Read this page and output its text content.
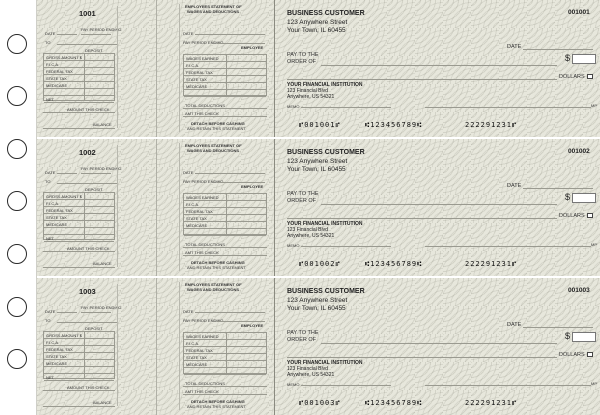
1001
DATE
PAY PERIOD ENDING
TO
DEPOSIT
GROSS AMOUNT $
F.I.C.A.
FEDERAL TAX
STATE TAX
MEDICARE
NET
AMOUNT THIS CHECK
BALANCE
EMPLOYEES STATEMENT OF
WAGES AND DEDUCTIONS
DATE
PAY PERIOD ENDING
EMPLOYEE
WAGES EARNED
F.I.C.A.
FEDERAL TAX
STATE TAX
MEDICARE
TOTAL DEDUCTIONS
AMT THIS CHECK
DETACH BEFORE CASHING
AND RETAIN THIS STATEMENT
BUSINESS CUSTOMER
123 Anywhere Street
Your Town, IL 60455
001001
DATE
PAY TO THE
ORDER OF	$
DOLLARS
YOUR FINANCIAL INSTITUTION
123 Financial Blvd
Anywhere, US 54321
MEMO	MP
⑈001001⑈	⑆123456789⑆	222291231⑈
1002
DATE
PAY PERIOD ENDING
TO
DEPOSIT
GROSS AMOUNT $
F.I.C.A.
FEDERAL TAX
STATE TAX
MEDICARE
NET
AMOUNT THIS CHECK
BALANCE
EMPLOYEES STATEMENT OF
WAGES AND DEDUCTIONS
DATE
PAY PERIOD ENDING
EMPLOYEE
WAGES EARNED
F.I.C.A.
FEDERAL TAX
STATE TAX
MEDICARE
TOTAL DEDUCTIONS
AMT THIS CHECK
DETACH BEFORE CASHING
AND RETAIN THIS STATEMENT
BUSINESS CUSTOMER
123 Anywhere Street
Your Town, IL 60455
001002
DATE
PAY TO THE
ORDER OF	$
DOLLARS
YOUR FINANCIAL INSTITUTION
123 Financial Blvd
Anywhere, US 54321
MEMO	MP
⑈001002⑈	⑆123456789⑆	222291231⑈
1003
DATE
PAY PERIOD ENDING
TO
DEPOSIT
GROSS AMOUNT $
F.I.C.A.
FEDERAL TAX
STATE TAX
MEDICARE
NET
AMOUNT THIS CHECK
BALANCE
EMPLOYEES STATEMENT OF
WAGES AND DEDUCTIONS
DATE
PAY PERIOD ENDING
EMPLOYEE
WAGES EARNED
F.I.C.A.
FEDERAL TAX
STATE TAX
MEDICARE
TOTAL DEDUCTIONS
AMT THIS CHECK
DETACH BEFORE CASHING
AND RETAIN THIS STATEMENT
BUSINESS CUSTOMER
123 Anywhere Street
Your Town, IL 60455
001003
DATE
PAY TO THE
ORDER OF	$
DOLLARS
YOUR FINANCIAL INSTITUTION
123 Financial Blvd
Anywhere, US 54321
MEMO	MP
⑈001003⑈	⑆123456789⑆	222291231⑈
